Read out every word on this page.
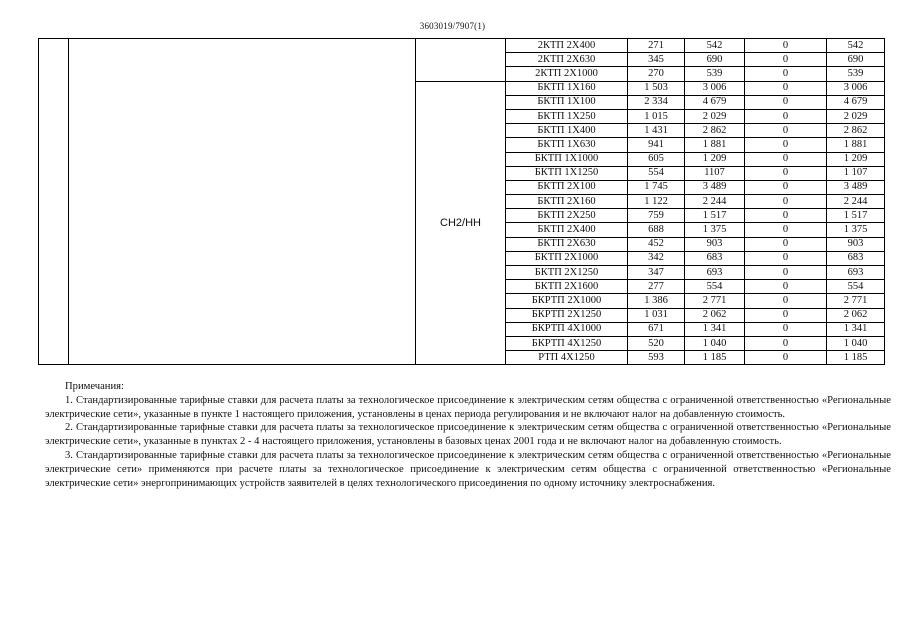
3603019/7907(1)
			2КТП 2Х400	271	542	0	542
			2КТП 2Х630	345	690	0	690
			2КТП 2Х1000	270	539	0	539
		СН2/НН	БКТП 1Х160	1 503	3 006	0	3 006
			БКТП 1Х100	2 334	4 679	0	4 679
			БКТП 1Х250	1 015	2 029	0	2 029
			БКТП 1Х400	1 431	2 862	0	2 862
			БКТП 1Х630	941	1 881	0	1 881
			БКТП 1Х1000	605	1 209	0	1 209
			БКТП 1Х1250	554	1107	0	1 107
			БКТП 2Х100	1 745	3 489	0	3 489
			БКТП 2Х160	1 122	2 244	0	2 244
			БКТП 2Х250	759	1 517	0	1 517
			БКТП 2Х400	688	1 375	0	1 375
			БКТП 2Х630	452	903	0	903
			БКТП 2Х1000	342	683	0	683
			БКТП 2Х1250	347	693	0	693
			БКТП 2Х1600	277	554	0	554
			БКРТП 2Х1000	1 386	2 771	0	2 771
			БКРТП 2Х1250	1 031	2 062	0	2 062
			БКРТП 4Х1000	671	1 341	0	1 341
			БКРТП 4Х1250	520	1 040	0	1 040
			РТП 4Х1250	593	1 185	0	1 185
Примечания:

1. Стандартизированные тарифные ставки для расчета платы за технологическое присоединение к электрическим сетям общества с ограниченной ответственностью «Региональные электрические сети», указанные в пункте 1 настоящего приложения, установлены в ценах периода регулирования и не включают налог на добавленную стоимость.

2. Стандартизированные тарифные ставки для расчета платы за технологическое присоединение к электрическим сетям общества с ограниченной ответственностью «Региональные электрические сети», указанные в пунктах 2 - 4 настоящего приложения, установлены в базовых ценах 2001 года и не включают налог на добавленную стоимость.

3. Стандартизированные тарифные ставки для расчета платы за технологическое присоединение к электрическим сетям общества с ограниченной ответственностью «Региональные электрические сети» применяются при расчете платы за технологическое присоединение к электрическим сетям общества с ограниченной ответственностью «Региональные электрические сети» энергопринимающих устройств заявителей в целях технологического присоединения по одному источнику электроснабжения.
